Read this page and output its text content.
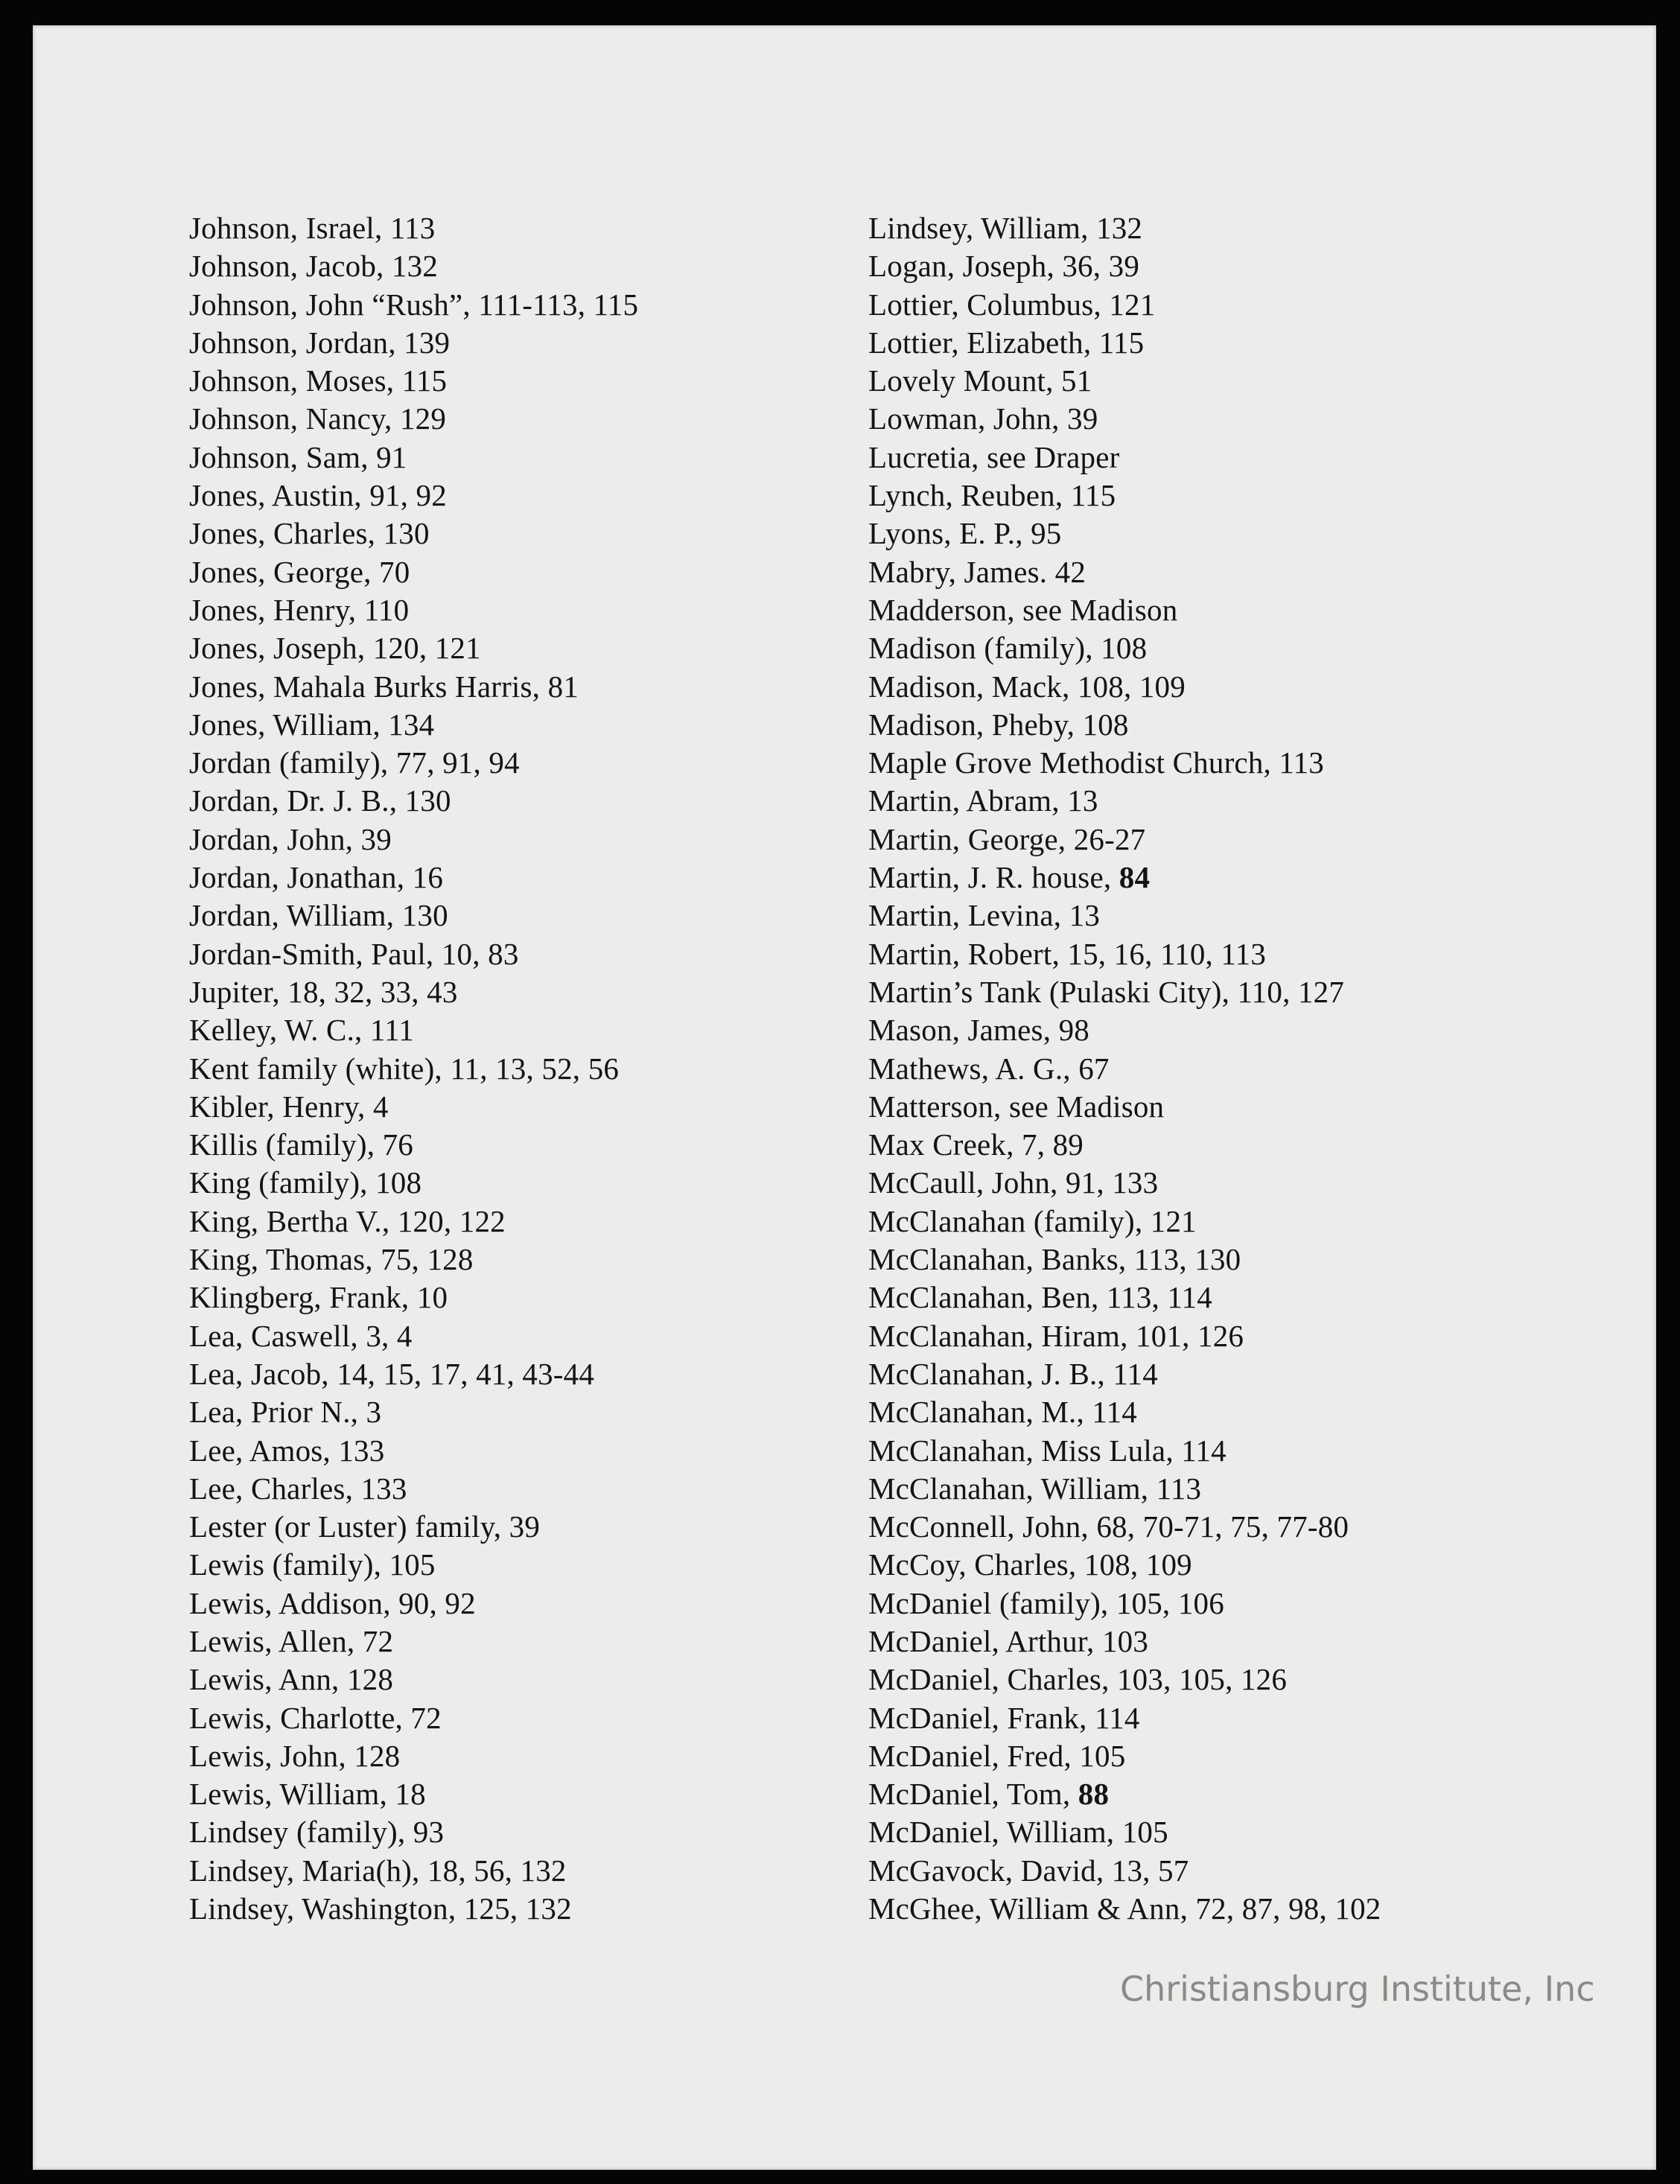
Johnson, Israel, 113
Johnson, Jacob, 132
Johnson, John “Rush”, 111-113, 115
Johnson, Jordan, 139
Johnson, Moses, 115
Johnson, Nancy, 129
Johnson, Sam, 91
Jones, Austin, 91, 92
Jones, Charles, 130
Jones, George, 70
Jones, Henry, 110
Jones, Joseph, 120, 121
Jones, Mahala Burks Harris, 81
Jones, William, 134
Jordan (family), 77, 91, 94
Jordan, Dr. J. B., 130
Jordan, John, 39
Jordan, Jonathan, 16
Jordan, William, 130
Jordan-Smith, Paul, 10, 83
Jupiter, 18, 32, 33, 43
Kelley, W. C., 111
Kent family (white), 11, 13, 52, 56
Kibler, Henry, 4
Killis (family), 76
King (family), 108
King, Bertha V., 120, 122
King, Thomas, 75, 128
Klingberg, Frank, 10
Lea, Caswell, 3, 4
Lea, Jacob, 14, 15, 17, 41, 43-44
Lea, Prior N., 3
Lee, Amos, 133
Lee, Charles, 133
Lester (or Luster) family, 39
Lewis (family), 105
Lewis, Addison, 90, 92
Lewis, Allen, 72
Lewis, Ann, 128
Lewis, Charlotte, 72
Lewis, John, 128
Lewis, William, 18
Lindsey (family), 93
Lindsey, Maria(h), 18, 56, 132
Lindsey, Washington, 125, 132
Lindsey, William, 132
Logan, Joseph, 36, 39
Lottier, Columbus, 121
Lottier, Elizabeth, 115
Lovely Mount, 51
Lowman, John, 39
Lucretia, see Draper
Lynch, Reuben, 115
Lyons, E. P., 95
Mabry, James. 42
Madderson, see Madison
Madison (family), 108
Madison, Mack, 108, 109
Madison, Pheby, 108
Maple Grove Methodist Church, 113
Martin, Abram, 13
Martin, George, 26-27
Martin, J. R. house, 84
Martin, Levina, 13
Martin, Robert, 15, 16, 110, 113
Martin’s Tank (Pulaski City), 110, 127
Mason, James, 98
Mathews, A. G., 67
Matterson, see Madison
Max Creek, 7, 89
McCaull, John, 91, 133
McClanahan (family), 121
McClanahan, Banks, 113, 130
McClanahan, Ben, 113, 114
McClanahan, Hiram, 101, 126
McClanahan, J. B., 114
McClanahan, M., 114
McClanahan, Miss Lula, 114
McClanahan, William, 113
McConnell, John, 68, 70-71, 75, 77-80
McCoy, Charles, 108, 109
McDaniel (family), 105, 106
McDaniel, Arthur, 103
McDaniel, Charles, 103, 105, 126
McDaniel, Frank, 114
McDaniel, Fred, 105
McDaniel, Tom, 88
McDaniel, William, 105
McGavock, David, 13, 57
McGhee, William & Ann, 72, 87, 98, 102
Christiansburg Institute, Inc
